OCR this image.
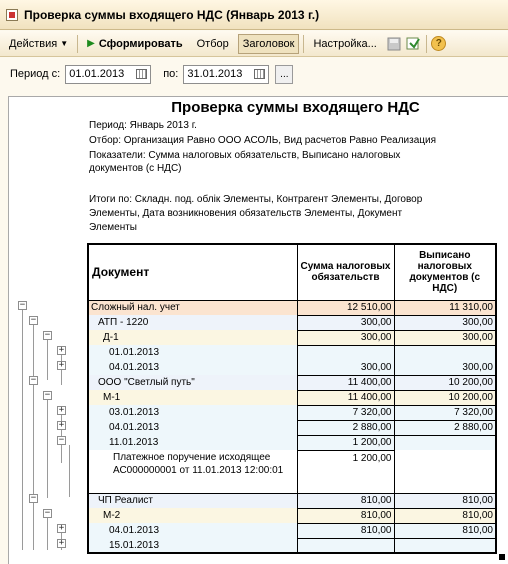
Проверка суммы входящего НДС (Январь 2013 г.)
Действия ▼ ▶ Сформировать Отбор Заголовок Настройка...	?
Период с: 01.01.2013	по: 31.01.2013	...
Проверка суммы входящего НДС
Период: Январь 2013 г.
Отбор: Организация Равно ООО АСОЛЬ, Вид расчетов Равно Реализация
Показатели: Сумма налоговых обязательств, Выписано налоговых
документов (с НДС)
Итоги по: Складн. под. облік Элементы, Контрагент Элементы, Договор
Элементы, Дата возникновения обязательств Элементы, Документ
Элементы
−
−
−
+
+
−
−
+
+
−
−
−
+
+
Документ	Сумма налоговых обязательств	Выписано налоговых документов (с НДС)
Сложный нал. учет	12 510,00	11 310,00
АТП - 1220	300,00	300,00
Д-1	300,00	300,00
01.01.2013		
04.01.2013	300,00	300,00
ООО "Светлый путь"	11 400,00	10 200,00
М-1	11 400,00	10 200,00
03.01.2013	7 320,00	7 320,00
04.01.2013	2 880,00	2 880,00
11.01.2013	1 200,00	
Платежное поручение исходящее АС000000001 от 11.01.2013 12:00:01	1 200,00	
ЧП Реалист	810,00	810,00
М-2	810,00	810,00
04.01.2013	810,00	810,00
15.01.2013		
